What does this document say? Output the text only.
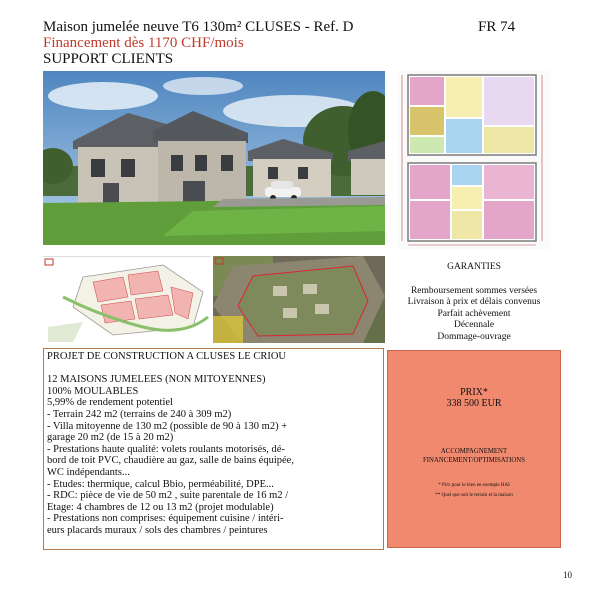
Maison jumelée neuve T6 130m² CLUSES - Ref. D	FR 74
Financement dès 1170 CHF/mois
SUPPORT CLIENTS
GARANTIES
Remboursement sommes versées
Livraison à prix et délais convenus
Parfait achèvement
Décennale
Dommage-ouvrage
PROJET DE CONSTRUCTION A CLUSES LE CRIOU
12 MAISONS JUMELEES (NON MITOYENNES)
100% MOULABLES
5,99% de rendement potentiel
- Terrain 242 m2 (terrains de 240 à 309 m2)
- Villa mitoyenne de 130 m2 (possible de 90 à 130 m2) +
garage 20 m2 (de 15 à 20 m2)
- Prestations haute qualité: volets roulants motorisés, dé-
bord de toit PVC, chaudière au gaz, salle de bains équipée,
WC indépendants...
- Etudes: thermique, calcul Bbio, perméabilité, DPE...
- RDC: pièce de vie de 50 m2 , suite parentale de 16 m2 /
Etage: 4 chambres de 12 ou 13 m2 (projet modulable)
- Prestations non comprises: équipement cuisine / intéri-
eurs placards muraux / sols des chambres / peintures
PRIX*
338 500 EUR
ACCOMPAGNEMENT
FINANCEMENT/OPTIMISATIONS
* Prix pour le bien en exemple HAI
** Quel que soit le terrain et la maison
10
